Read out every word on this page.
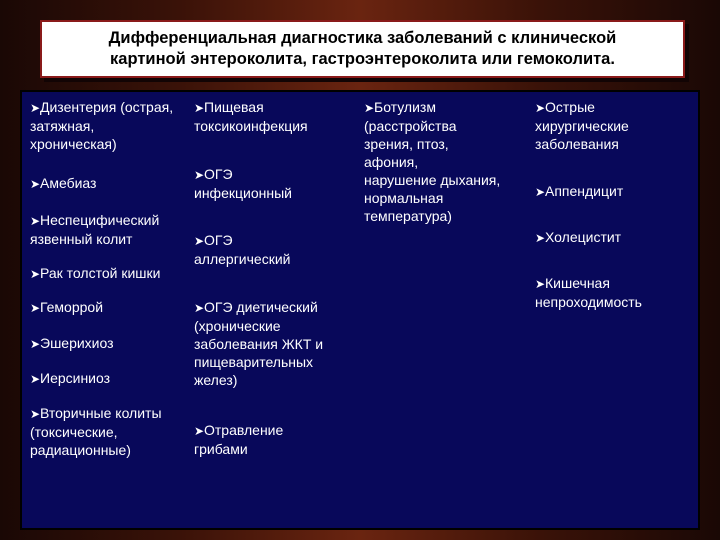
Дифференциальная диагностика заболеваний с клинической
картиной энтероколита, гастроэнтероколита или гемоколита.

➤Дизентерия (острая,
затяжная,
хроническая)
➤Амебиаз
➤Неспецифический
язвенный колит
➤Рак толстой кишки
➤Геморрой
➤Эшерихиоз
➤Иерсиниоз
➤Вторичные колиты
(токсические,
радиационные)
➤Пищевая
токсикоинфекция
➤ОГЭ
инфекционный
➤ОГЭ
аллергический
➤ОГЭ диетический
(хронические
заболевания ЖКТ и
пищеварительных
желез)
➤Отравление
грибами
➤Ботулизм
(расстройства
зрения, птоз,
афония,
нарушение дыхания,
нормальная
температура)
➤Острые
хирургические
заболевания
➤Аппендицит
➤Холецистит
➤Кишечная
непроходимость
